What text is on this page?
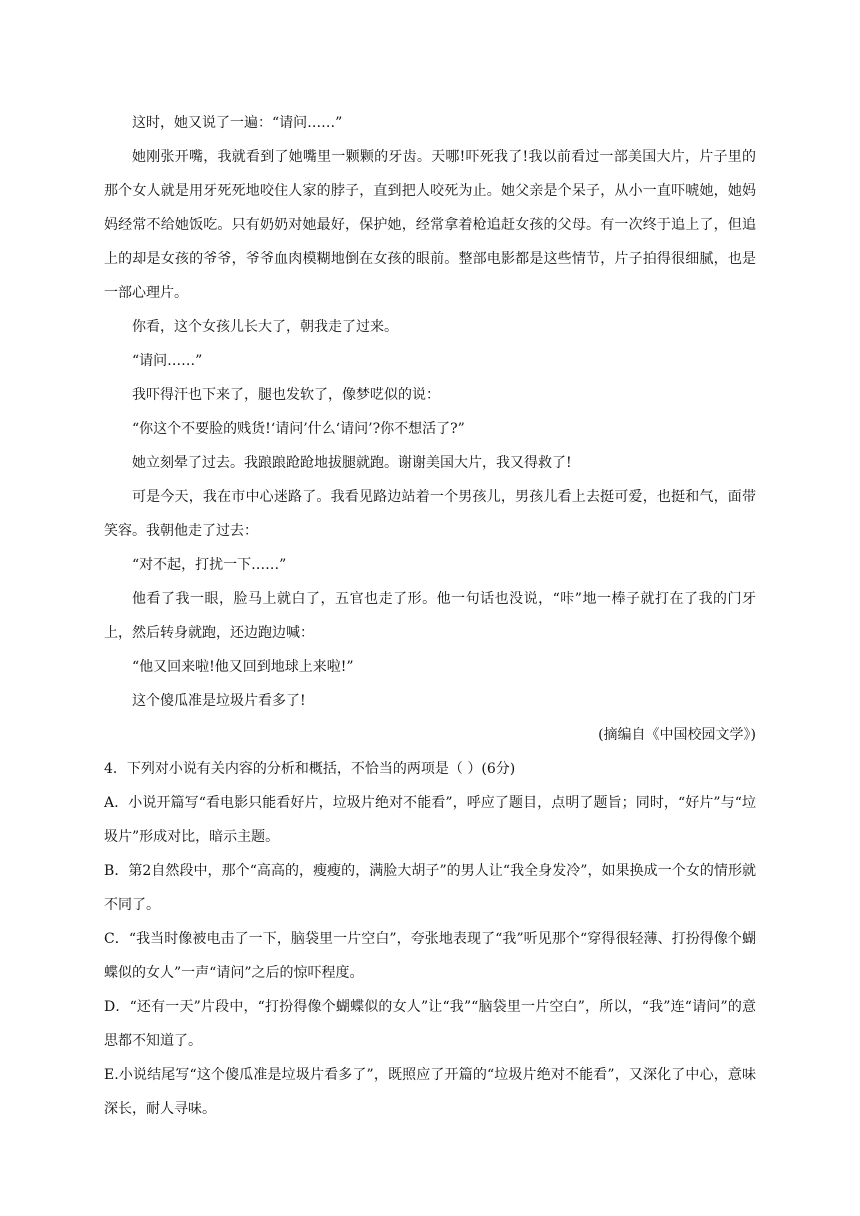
这时，她又说了一遍：“请问……”

她刚张开嘴，我就看到了她嘴里一颗颗的牙齿。天哪!吓死我了!我以前看过一部美国大片，片子里的那个女人就是用牙死死地咬住人家的脖子，直到把人咬死为止。她父亲是个呆子，从小一直吓唬她，她妈妈经常不给她饭吃。只有奶奶对她最好，保护她，经常拿着枪追赶女孩的父母。有一次终于追上了，但追上的却是女孩的爷爷，爷爷血肉模糊地倒在女孩的眼前。整部电影都是这些情节，片子拍得很细腻，也是一部心理片。

你看，这个女孩儿长大了，朝我走了过来。

“请问……”

我吓得汗也下来了，腿也发软了，像梦呓似的说：

“你这个不要脸的贱货!‘请问’什么‘请问’?你不想活了?”

她立刻晕了过去。我踉踉跄跄地拔腿就跑。谢谢美国大片，我又得救了!

可是今天，我在市中心迷路了。我看见路边站着一个男孩儿，男孩儿看上去挺可爱，也挺和气，面带笑容。我朝他走了过去：

“对不起，打扰一下……”

他看了我一眼，脸马上就白了，五官也走了形。他一句话也没说，“咔”地一棒子就打在了我的门牙上，然后转身就跑，还边跑边喊：

“他又回来啦!他又回到地球上来啦!”

这个傻瓜准是垃圾片看多了!

(摘编自《中国校园文学》)

4．下列对小说有关内容的分析和概括，不恰当的两项是（ ）(6分)

A．小说开篇写“看电影只能看好片，垃圾片绝对不能看”，呼应了题目，点明了题旨；同时，“好片”与“垃圾片”形成对比，暗示主题。

B．第2自然段中，那个“高高的，瘦瘦的，满脸大胡子”的男人让“我全身发冷”，如果换成一个女的情形就不同了。

C．“我当时像被电击了一下，脑袋里一片空白”，夸张地表现了“我”听见那个“穿得很轻薄、打扮得像个蝴蝶似的女人”一声“请问”之后的惊吓程度。

D．“还有一天”片段中，“打扮得像个蝴蝶似的女人”让“我”“脑袋里一片空白”，所以，“我”连“请问”的意思都不知道了。

E.小说结尾写“这个傻瓜准是垃圾片看多了”，既照应了开篇的“垃圾片绝对不能看”，又深化了中心，意味深长，耐人寻味。
